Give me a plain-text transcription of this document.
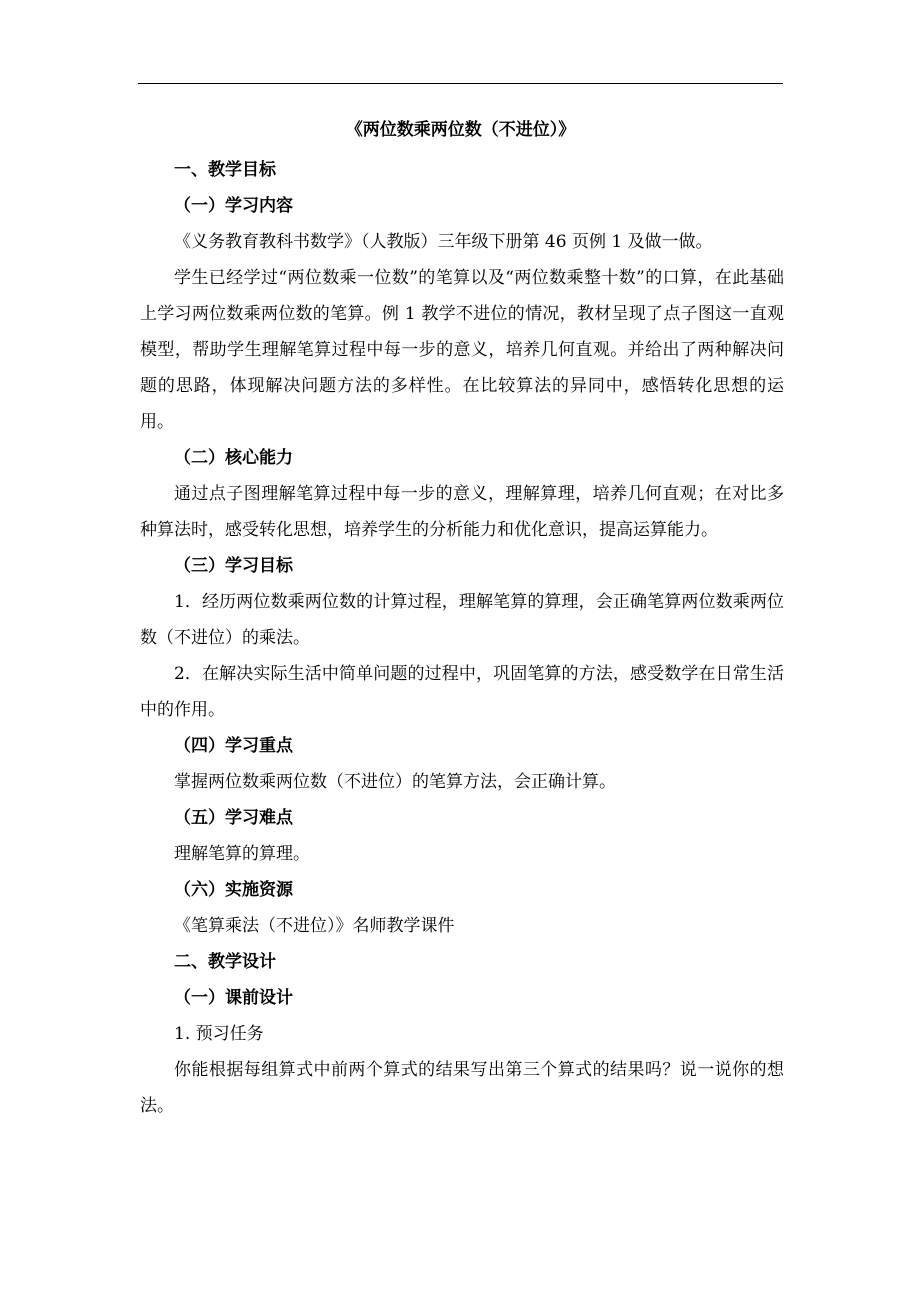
《两位数乘两位数（不进位）》

一、教学目标

（一）学习内容

《义务教育教科书数学》（人教版）三年级下册第 46 页例 1 及做一做。

学生已经学过“两位数乘一位数”的笔算以及“两位数乘整十数”的口算，在此基础上学习两位数乘两位数的笔算。例 1 教学不进位的情况，教材呈现了点子图这一直观模型，帮助学生理解笔算过程中每一步的意义，培养几何直观。并给出了两种解决问题的思路，体现解决问题方法的多样性。在比较算法的异同中，感悟转化思想的运用。

（二）核心能力

通过点子图理解笔算过程中每一步的意义，理解算理，培养几何直观；在对比多种算法时，感受转化思想，培养学生的分析能力和优化意识，提高运算能力。

（三）学习目标

1．经历两位数乘两位数的计算过程，理解笔算的算理，会正确笔算两位数乘两位数（不进位）的乘法。

2．在解决实际生活中简单问题的过程中，巩固笔算的方法，感受数学在日常生活中的作用。

（四）学习重点

掌握两位数乘两位数（不进位）的笔算方法，会正确计算。

（五）学习难点

理解笔算的算理。

（六）实施资源

《笔算乘法（不进位）》名师教学课件

二、教学设计

（一）课前设计

1. 预习任务

你能根据每组算式中前两个算式的结果写出第三个算式的结果吗？说一说你的想法。
